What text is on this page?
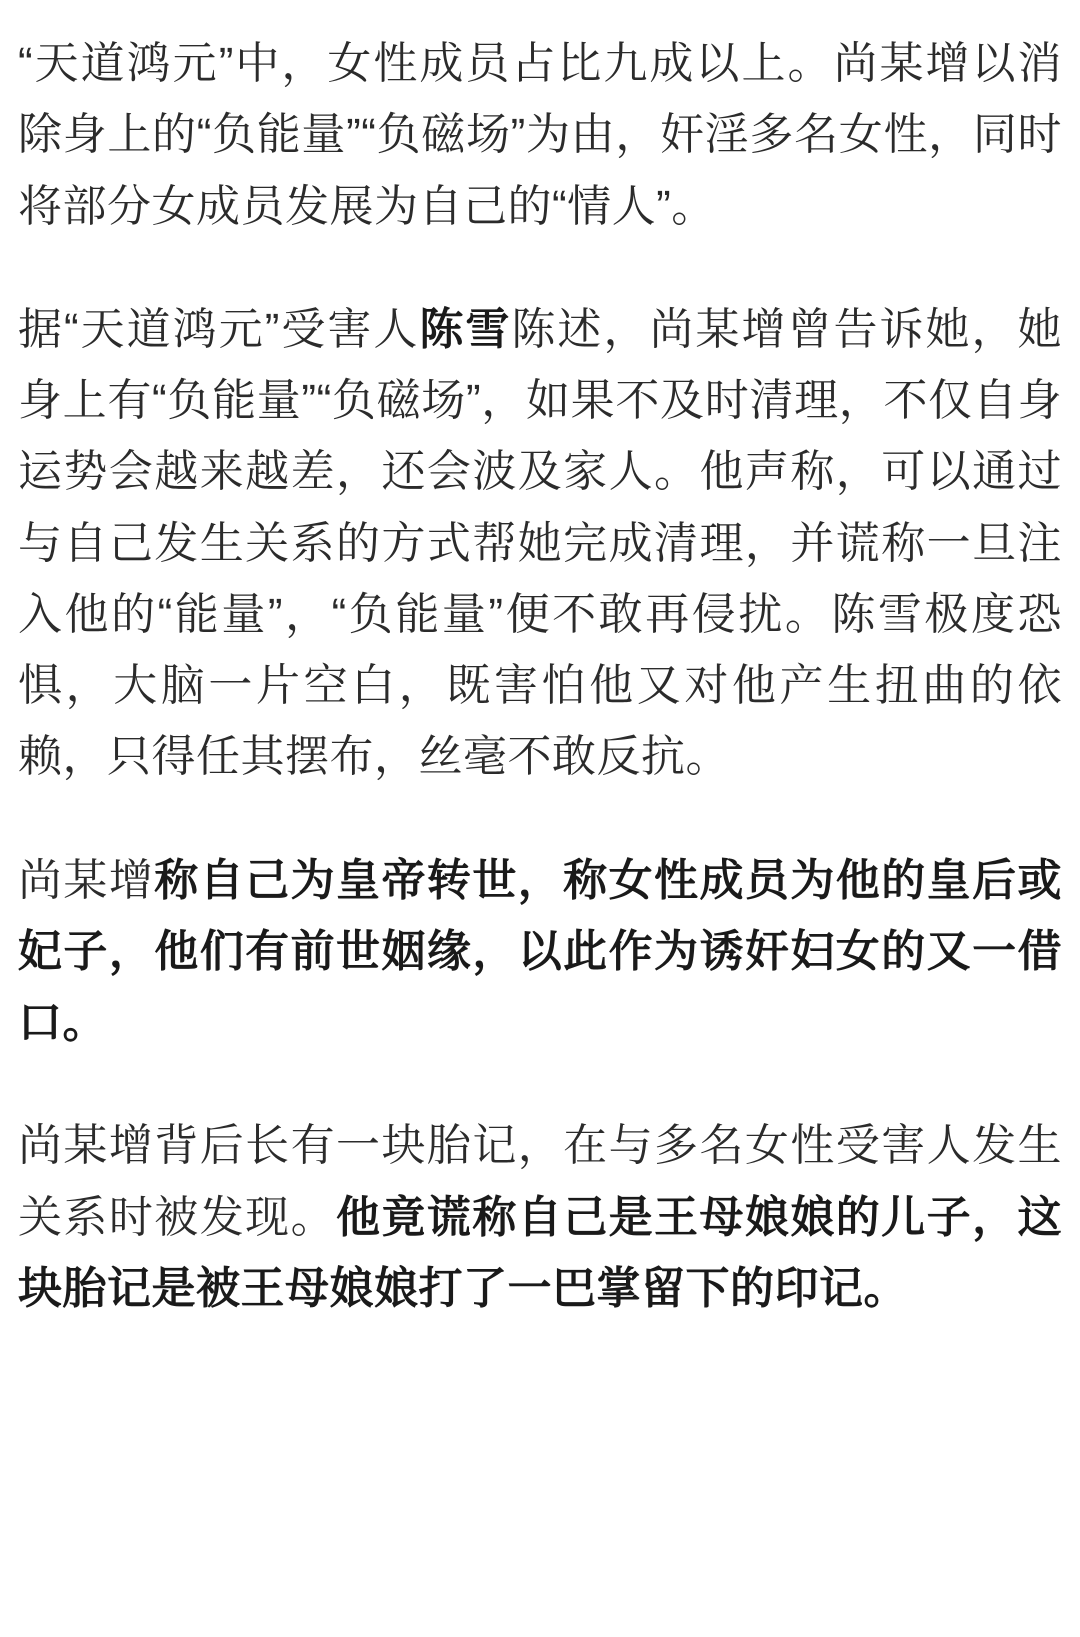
“天道鸿元”中，女性成员占比九成以上。尚某增以消除身上的“负能量”“负磁场”为由，奸淫多名女性，同时将部分女成员发展为自己的“情人”。

据“天道鸿元”受害人陈雪陈述，尚某增曾告诉她，她身上有“负能量”“负磁场”，如果不及时清理，不仅自身运势会越来越差，还会波及家人。他声称，可以通过与自己发生关系的方式帮她完成清理，并谎称一旦注入他的“能量”，“负能量”便不敢再侵扰。陈雪极度恐惧，大脑一片空白，既害怕他又对他产生扭曲的依赖，只得任其摆布，丝毫不敢反抗。

尚某增称自己为皇帝转世，称女性成员为他的皇后或妃子，他们有前世姻缘，以此作为诱奸妇女的又一借口。

尚某增背后长有一块胎记，在与多名女性受害人发生关系时被发现。他竟谎称自己是王母娘娘的儿子，这块胎记是被王母娘娘打了一巴掌留下的印记。
